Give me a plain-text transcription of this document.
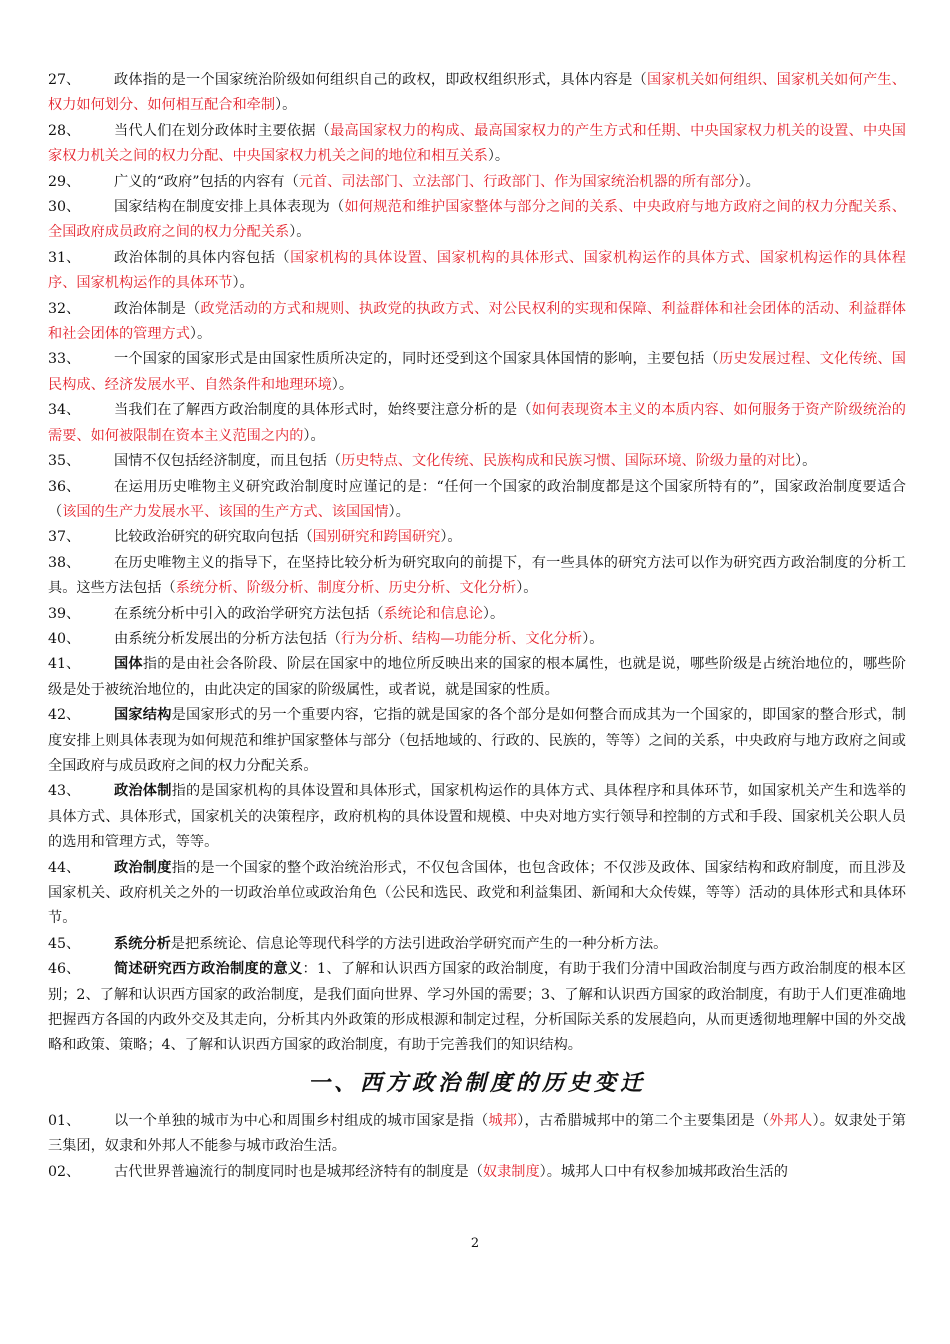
27、	政体指的是一个国家统治阶级如何组织自己的政权，即政权组织形式，具体内容是（国家机关如何组织、国家机关如何产生、权力如何划分、如何相互配合和牵制）。
28、	当代人们在划分政体时主要依据（最高国家权力的构成、最高国家权力的产生方式和任期、中央国家权力机关的设置、中央国家权力机关之间的权力分配、中央国家权力机关之间的地位和相互关系）。
29、	广义的“政府”包括的内容有（元首、司法部门、立法部门、行政部门、作为国家统治机器的所有部分）。
30、	国家结构在制度安排上具体表现为（如何规范和维护国家整体与部分之间的关系、中央政府与地方政府之间的权力分配关系、全国政府成员政府之间的权力分配关系）。
31、	政治体制的具体内容包括（国家机构的具体设置、国家机构的具体形式、国家机构运作的具体方式、国家机构运作的具体程序、国家机构运作的具体环节）。
32、	政治体制是（政党活动的方式和规则、执政党的执政方式、对公民权利的实现和保障、利益群体和社会团体的活动、利益群体和社会团体的管理方式）。
33、	一个国家的国家形式是由国家性质所决定的，同时还受到这个国家具体国情的影响，主要包括（历史发展过程、文化传统、国民构成、经济发展水平、自然条件和地理环境）。
34、	当我们在了解西方政治制度的具体形式时，始终要注意分析的是（如何表现资本主义的本质内容、如何服务于资产阶级统治的需要、如何被限制在资本主义范围之内的）。
35、	国情不仅包括经济制度，而且包括（历史特点、文化传统、民族构成和民族习惯、国际环境、阶级力量的对比）。
36、	在运用历史唯物主义研究政治制度时应谨记的是：“任何一个国家的政治制度都是这个国家所特有的”，国家政治制度要适合（该国的生产力发展水平、该国的生产方式、该国国情）。
37、	比较政治研究的研究取向包括（国别研究和跨国研究）。
38、	在历史唯物主义的指导下，在坚持比较分析为研究取向的前提下，有一些具体的研究方法可以作为研究西方政治制度的分析工具。这些方法包括（系统分析、阶级分析、制度分析、历史分析、文化分析）。
39、	在系统分析中引入的政治学研究方法包括（系统论和信息论）。
40、	由系统分析发展出的分析方法包括（行为分析、结构—功能分析、文化分析）。
41、	国体指的是由社会各阶段、阶层在国家中的地位所反映出来的国家的根本属性，也就是说，哪些阶级是占统治地位的，哪些阶级是处于被统治地位的，由此决定的国家的阶级属性，或者说，就是国家的性质。
42、	国家结构是国家形式的另一个重要内容，它指的就是国家的各个部分是如何整合而成其为一个国家的，即国家的整合形式，制度安排上则具体表现为如何规范和维护国家整体与部分（包括地域的、行政的、民族的，等等）之间的关系，中央政府与地方政府之间或全国政府与成员政府之间的权力分配关系。
43、	政治体制指的是国家机构的具体设置和具体形式，国家机构运作的具体方式、具体程序和具体环节，如国家机关产生和选举的具体方式、具体形式，国家机关的决策程序，政府机构的具体设置和规模、中央对地方实行领导和控制的方式和手段、国家机关公职人员的选用和管理方式，等等。
44、	政治制度指的是一个国家的整个政治统治形式，不仅包含国体，也包含政体；不仅涉及政体、国家结构和政府制度，而且涉及国家机关、政府机关之外的一切政治单位或政治角色（公民和选民、政党和利益集团、新闻和大众传媒，等等）活动的具体形式和具体环节。
45、	系统分析是把系统论、信息论等现代科学的方法引进政治学研究而产生的一种分析方法。
46、	简述研究西方政治制度的意义：1、了解和认识西方国家的政治制度，有助于我们分清中国政治制度与西方政治制度的根本区别；2、了解和认识西方国家的政治制度，是我们面向世界、学习外国的需要；3、了解和认识西方国家的政治制度，有助于人们更准确地把握西方各国的内政外交及其走向，分析其内外政策的形成根源和制定过程，分析国际关系的发展趋向，从而更透彻地理解中国的外交战略和政策、策略；4、了解和认识西方国家的政治制度，有助于完善我们的知识结构。
一、西方政治制度的历史变迁
01、	以一个单独的城市为中心和周围乡村组成的城市国家是指（城邦），古希腊城邦中的第二个主要集团是（外邦人）。奴隶处于第三集团，奴隶和外邦人不能参与城市政治生活。
02、	古代世界普遍流行的制度同时也是城邦经济特有的制度是（奴隶制度）。城邦人口中有权参加城邦政治生活的
2
